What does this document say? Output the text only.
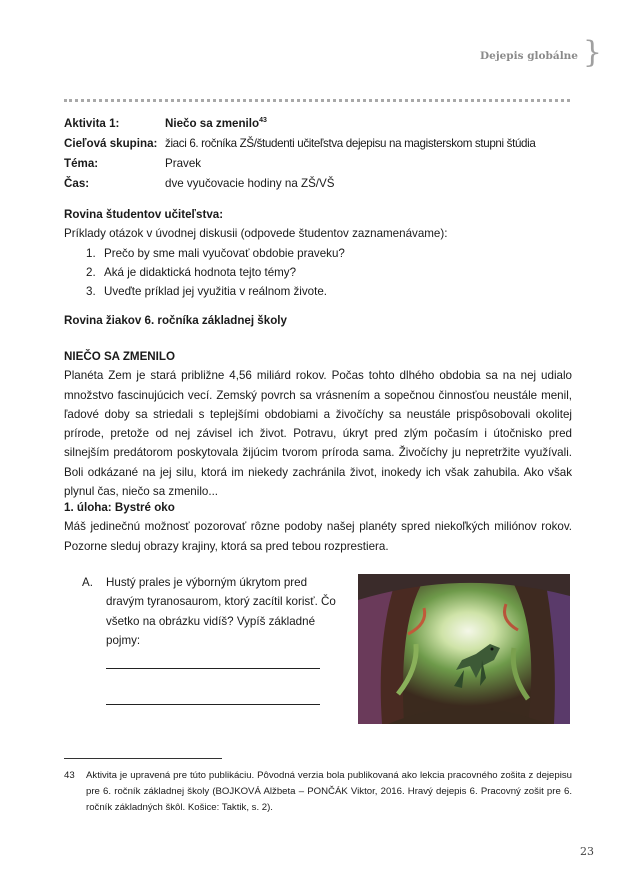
Dejepis globálne }
Aktivita 1:	Niečo sa zmenilo$^{43}$
Cieľová skupina: žiaci 6. ročníka ZŠ/študenti učiteľstva dejepisu na magisterskom stupni štúdia
Téma:	Pravek
Čas:	dve vyučovacie hodiny na ZŠ/VŠ
Rovina študentov učiteľstva:
Príklady otázok v úvodnej diskusii (odpovede študentov zaznamenávame):
1. Prečo by sme mali vyučovať obdobie praveku?
2. Aká je didaktická hodnota tejto témy?
3. Uveďte príklad jej využitia v reálnom živote.
Rovina žiakov 6. ročníka základnej školy
NIEČO SA ZMENILO
Planéta Zem je stará približne 4,56 miliárd rokov. Počas tohto dlhého obdobia sa na nej udialo množstvo fascinujúcich vecí. Zemský povrch sa vrásnením a sopečnou činnosťou neustále menil, ľadové doby sa striedali s teplejšími obdobiami a živočíchy sa neustále prispôsobovali okolitej prírode, pretože od nej závisel ich život. Potravu, úkryt pred zlým počasím i útočnisko pred silnejším predátorom poskytovala žijúcim tvorom príroda sama. Živočíchy ju nepretržite využívali. Boli odkázané na jej silu, ktorá im niekedy zachránila život, inokedy ich však zahubila. Ako však plynul čas, niečo sa zmenilo...
1. úloha: Bystré oko
Máš jedinečnú možnosť pozorovať rôzne podoby našej planéty spred niekoľkých miliónov rokov. Pozorne sleduj obrazy krajiny, ktorá sa pred tebou rozprestiera.
A. Hustý prales je výborným úkrytom pred dravým tyranosaurom, ktorý zacítil korisť. Čo všetko na obrázku vidíš? Vypíš základné pojmy:
43 Aktivita je upravená pre túto publikáciu. Pôvodná verzia bola publikovaná ako lekcia pracovného zošita z dejepisu pre 6. ročník základnej školy (BOJKOVÁ Alžbeta – PONČÁK Viktor, 2016. Hravý dejepis 6. Pracovný zošit pre 6. ročník základných škôl. Košice: Taktik, s. 2).
23
